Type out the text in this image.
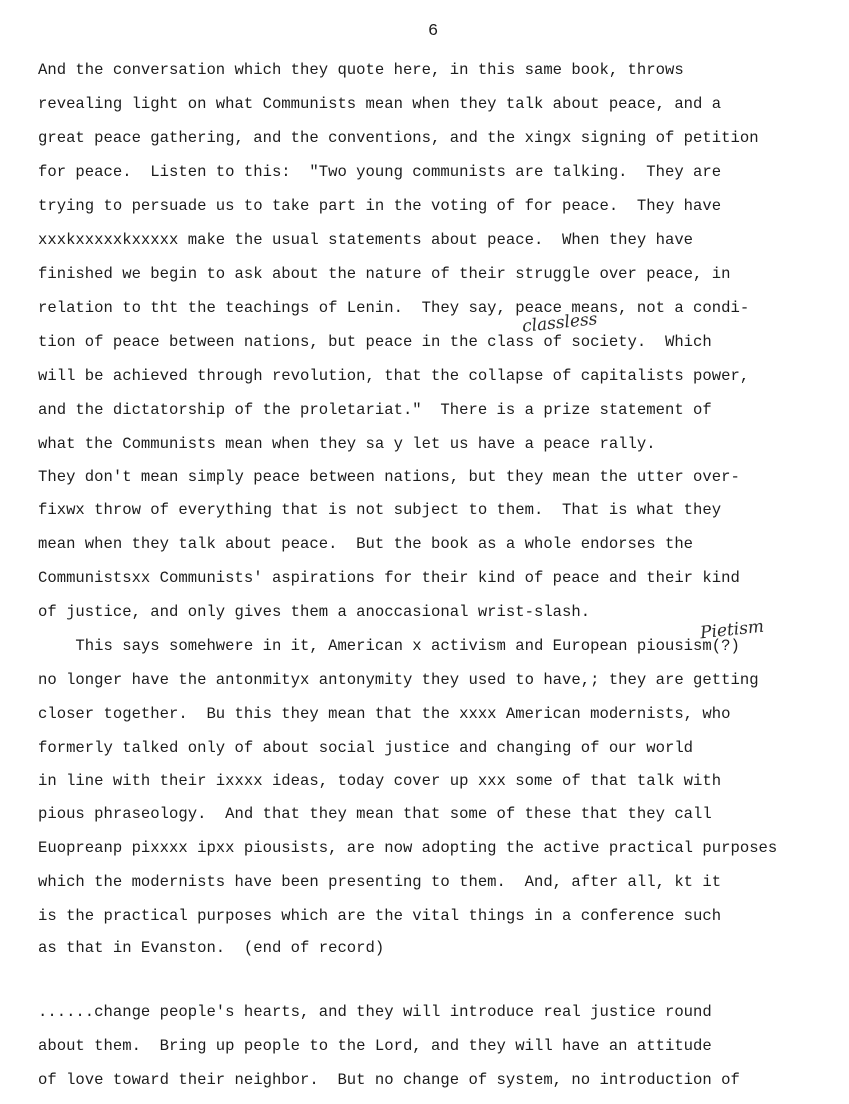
6
And the conversation which they quote here, in this same book, throws
revealing light on what Communists mean when they talk about peace, and a
great peace gathering, and the conventions, and the xingx signing of petition
for peace.  Listen to this:  "Two young communists are talking.  They are
trying to persuade us to take part in the voting of for peace.  They have
xxxkxxxxxkxxxxx make the usual statements about peace.  When they have
finished we begin to ask about the nature of their struggle over peace, in
relation to tht the teachings of Lenin.  They say, peace means, not a condi-
tion of peace between nations, but peace in the class of society.  Which
will be achieved through revolution, that the collapse of capitalists power,
and the dictatorship of the proletariat."  There is a prize statement of
what the Communists mean when they sa y let us have a peace rally.
They don't mean simply peace between nations, but they mean the utter over-
fixwx throw of everything that is not subject to them.  That is what they
mean when they talk about peace.  But the book as a whole endorses the
Communistsxx Communists' aspirations for their kind of peace and their kind
of justice, and only gives them a anoccasional wrist-slash.
This says somehwere in it, American x activism and European piousism(?)
no longer have the antonmityx antonymity they used to have,; they are getting
closer together.  Bu this they mean that the xxxx American modernists, who
formerly talked only of about social justice and changing of our world
in line with their ixxxx ideas, today cover up xxx some of that talk with
pious phraseology.  And that they mean that some of these that they call
Euopreanp pixxxx ipxx piousists, are now adopting the active practical purposes
which the modernists have been presenting to them.  And, after all, kt it
is the practical purposes which are the vital things in a conference such
as that in Evanston.  (end of record)
......change people's hearts, and they will introduce real justice round
about them.  Bring up people to the Lord, and they will have an attitude
of love toward their neighbor.  But no change of system, no introduction of
classless
Pietism
